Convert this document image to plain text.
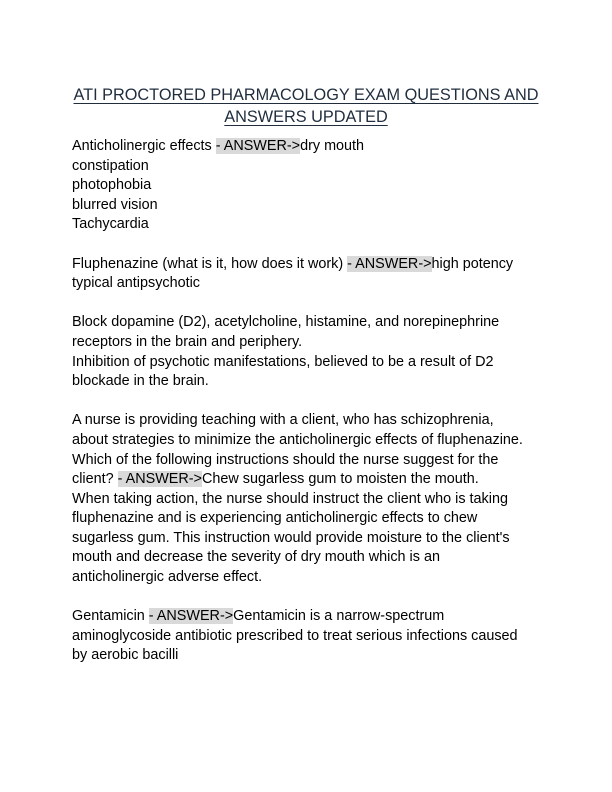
ATI PROCTORED PHARMACOLOGY EXAM QUESTIONS AND
ANSWERS UPDATED
Anticholinergic effects - ANSWER->dry mouth
constipation
photophobia
blurred vision
Tachycardia
Fluphenazine (what is it, how does it work) - ANSWER->high potency
typical antipsychotic
Block dopamine (D2), acetylcholine, histamine, and norepinephrine
receptors in the brain and periphery.
Inhibition of psychotic manifestations, believed to be a result of D2
blockade in the brain.
A nurse is providing teaching with a client, who has schizophrenia,
about strategies to minimize the anticholinergic effects of fluphenazine.
Which of the following instructions should the nurse suggest for the
client? - ANSWER->Chew sugarless gum to moisten the mouth.
When taking action, the nurse should instruct the client who is taking
fluphenazine and is experiencing anticholinergic effects to chew
sugarless gum. This instruction would provide moisture to the client's
mouth and decrease the severity of dry mouth which is an
anticholinergic adverse effect.
Gentamicin - ANSWER->Gentamicin is a narrow-spectrum
aminoglycoside antibiotic prescribed to treat serious infections caused
by aerobic bacilli
